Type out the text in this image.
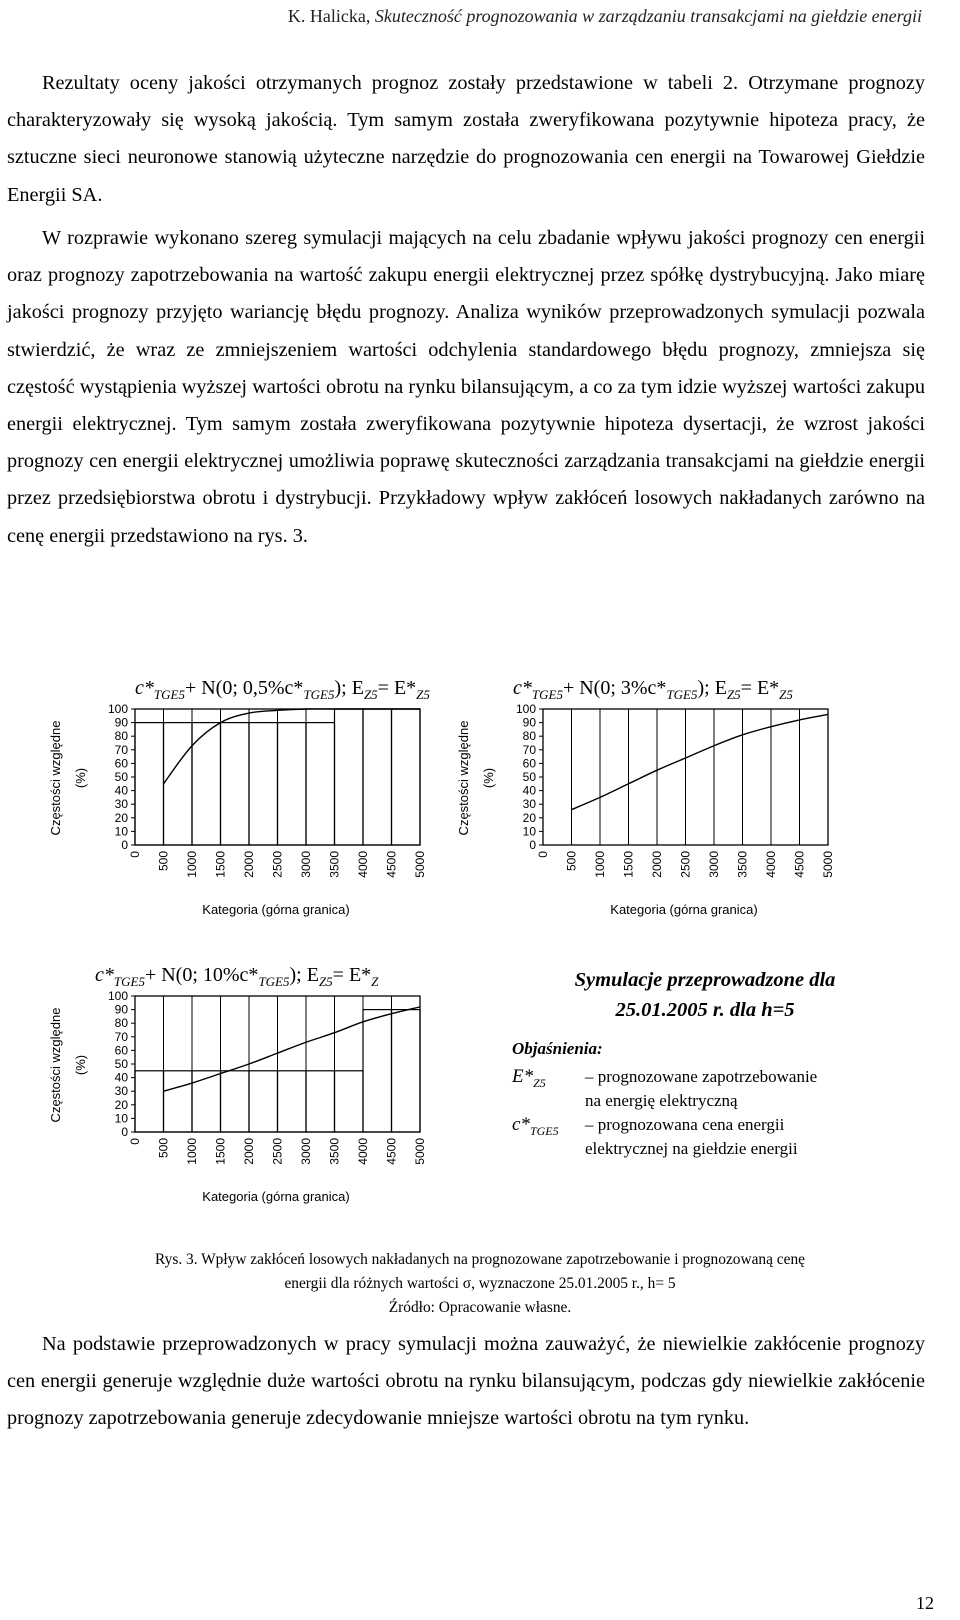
K. Halicka, Skuteczność prognozowania w zarządzaniu transakcjami na giełdzie energii
Rezultaty oceny jakości otrzymanych prognoz zostały przedstawione w tabeli 2. Otrzymane prognozy charakteryzowały się wysoką jakością. Tym samym została zweryfikowana pozytywnie hipoteza pracy, że sztuczne sieci neuronowe stanowią użyteczne narzędzie do prognozowania cen energii na Towarowej Giełdzie Energii SA.
W rozprawie wykonano szereg symulacji mających na celu zbadanie wpływu jakości prognozy cen energii oraz prognozy zapotrzebowania na wartość zakupu energii elektrycznej przez spółkę dystrybucyjną. Jako miarę jakości prognozy przyjęto wariancję błędu prognozy. Analiza wyników przeprowadzonych symulacji pozwala stwierdzić, że wraz ze zmniejszeniem wartości odchylenia standardowego błędu prognozy, zmniejsza się częstość wystąpienia wyższej wartości obrotu na rynku bilansującym, a co za tym idzie wyższej wartości zakupu energii elektrycznej. Tym samym została zweryfikowana pozytywnie hipoteza dysertacji, że wzrost jakości prognozy cen energii elektrycznej umożliwia poprawę skuteczności zarządzania transakcjami na giełdzie energii przez przedsiębiorstwa obrotu i dystrybucji. Przykładowy wpływ zakłóceń losowych nakładanych zarówno na cenę energii przedstawiono na rys. 3.
$c*_{TGE5}+ N(0$; $0,5\%c*_{TGE5}$); $E_{Z5}= E*_{Z5}$
100
90
80
70
60
50
40
30
20
10
0
0 500 1000 1500 2000 2500 3000 3500 4000 4500 5000
Częstości względne (%)
Kategoria (górna granica)
$c*_{TGE5}+ N(0$; $3\%c*_{TGE5}$); $E_{Z5}= E*_{Z5}$
100
90
80
70
60
50
40
30
20
10
0
0 500 1000 1500 2000 2500 3000 3500 4000 4500 5000
Częstości względne (%)
Kategoria (górna granica)
$c*_{TGE5}+ N(0$; $10\%c*_{TGE5}$); $E_{Z5}= E*_Z$
100
90
80
70
60
50
40
30
20
10
0
0 500 1000 1500 2000 2500 3000 3500 4000 4500 5000
Częstości względne (%)
Kategoria (górna granica)
Symulacje przeprowadzone dla
25.01.2005 r. dla h=5
Objaśnienia:
$E*_{Z5}$ – prognozowane zapotrzebowanie
na energię elektryczną
$c*_{TGE5}$ – prognozowana cena energii
elektrycznej na giełdzie energii
Rys. 3. Wpływ zakłóceń losowych nakładanych na prognozowane zapotrzebowanie i prognozowaną cenę
energii dla różnych wartości σ, wyznaczone 25.01.2005 r., h= 5
Źródło: Opracowanie własne.
Na podstawie przeprowadzonych w pracy symulacji można zauważyć, że niewielkie zakłócenie prognozy cen energii generuje względnie duże wartości obrotu na rynku bilansującym, podczas gdy niewielkie zakłócenie prognozy zapotrzebowania generuje zdecydowanie mniejsze wartości obrotu na tym rynku.
12
